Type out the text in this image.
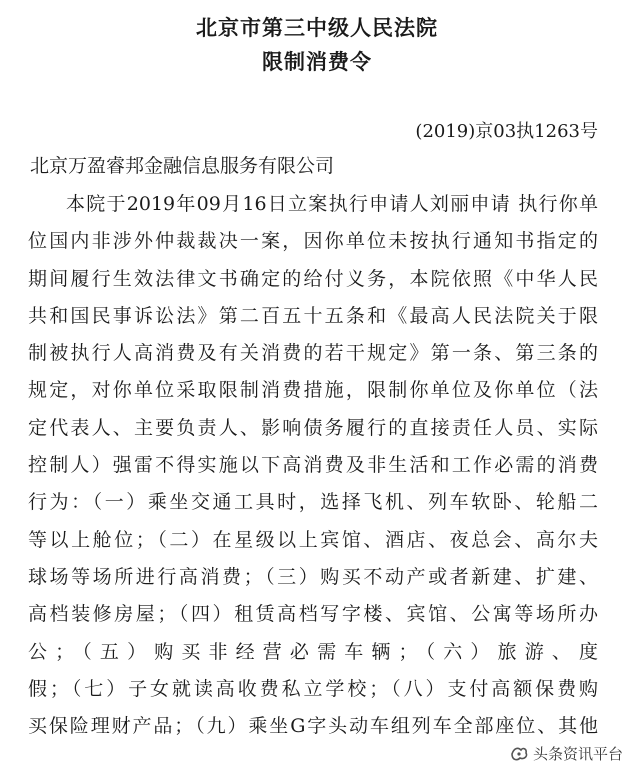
北京市第三中级人民法院
限制消费令
(2019)京03执1263号
北京万盈睿邦金融信息服务有限公司
本院于2019年09月16日立案执行申请人刘丽申请 执行你单
位国内非涉外仲裁裁决一案，因你单位未按执行通知书指定的
期间履行生效法律文书确定的给付义务，本院依照《中华人民
共和国民事诉讼法》第二百五十五条和《最高人民法院关于限
制被执行人高消费及有关消费的若干规定》第一条、第三条的
规定，对你单位采取限制消费措施，限制你单位及你单位（法
定代表人、主要负责人、影响债务履行的直接责任人员、实际
控制人）强雷不得实施以下高消费及非生活和工作必需的消费
行为：（一）乘坐交通工具时，选择飞机、列车软卧、轮船二
等以上舱位；（二）在星级以上宾馆、酒店、夜总会、高尔夫
球场等场所进行高消费；（三）购买不动产或者新建、扩建、
高档装修房屋；（四）租赁高档写字楼、宾馆、公寓等场所办
公；（五）购买非经营必需车辆；（六）旅游、度
假；（七）子女就读高收费私立学校；（八）支付高额保费购
买保险理财产品；（九）乘坐G字头动车组列车全部座位、其他
头条资讯平台
